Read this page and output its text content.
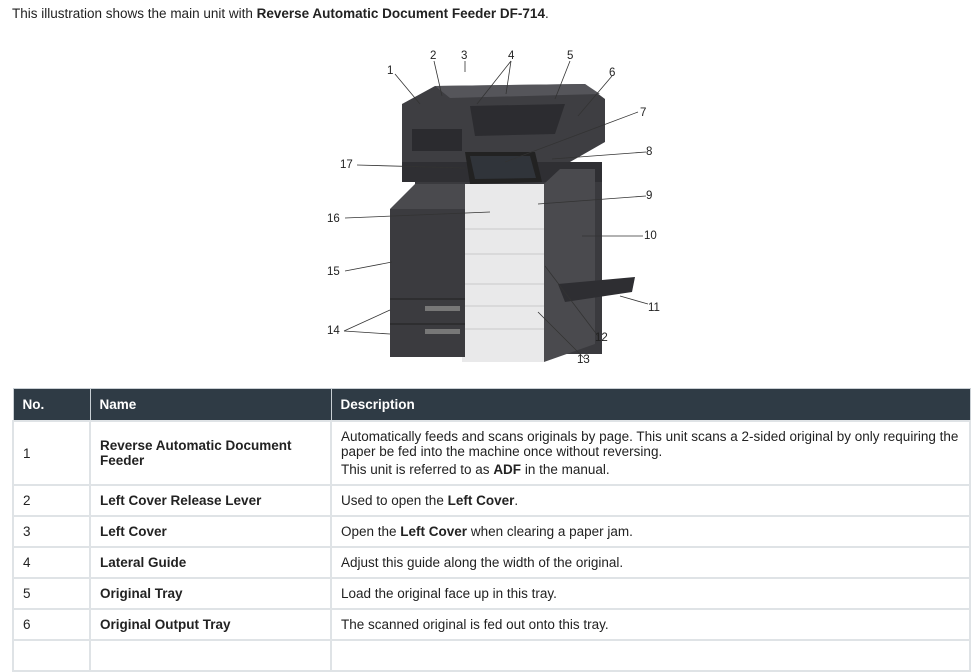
This illustration shows the main unit with Reverse Automatic Document Feeder DF-714.
1
2 3	4	5
6
7
8
9
10
11
12
13
14
15
16
17
No.	Name	Description
1	Reverse Automatic Document Feeder	Automatically feeds and scans originals by page. This unit scans a 2-sided original by only requiring the paper be fed into the machine once without reversing.
This unit is referred to as ADF in the manual.

2	Left Cover Release Lever	Used to open the Left Cover.
3	Left Cover	Open the Left Cover when clearing a paper jam.
4	Lateral Guide	Adjust this guide along the width of the original.
5	Original Tray	Load the original face up in this tray.
6	Original Output Tray	The scanned original is fed out onto this tray.
